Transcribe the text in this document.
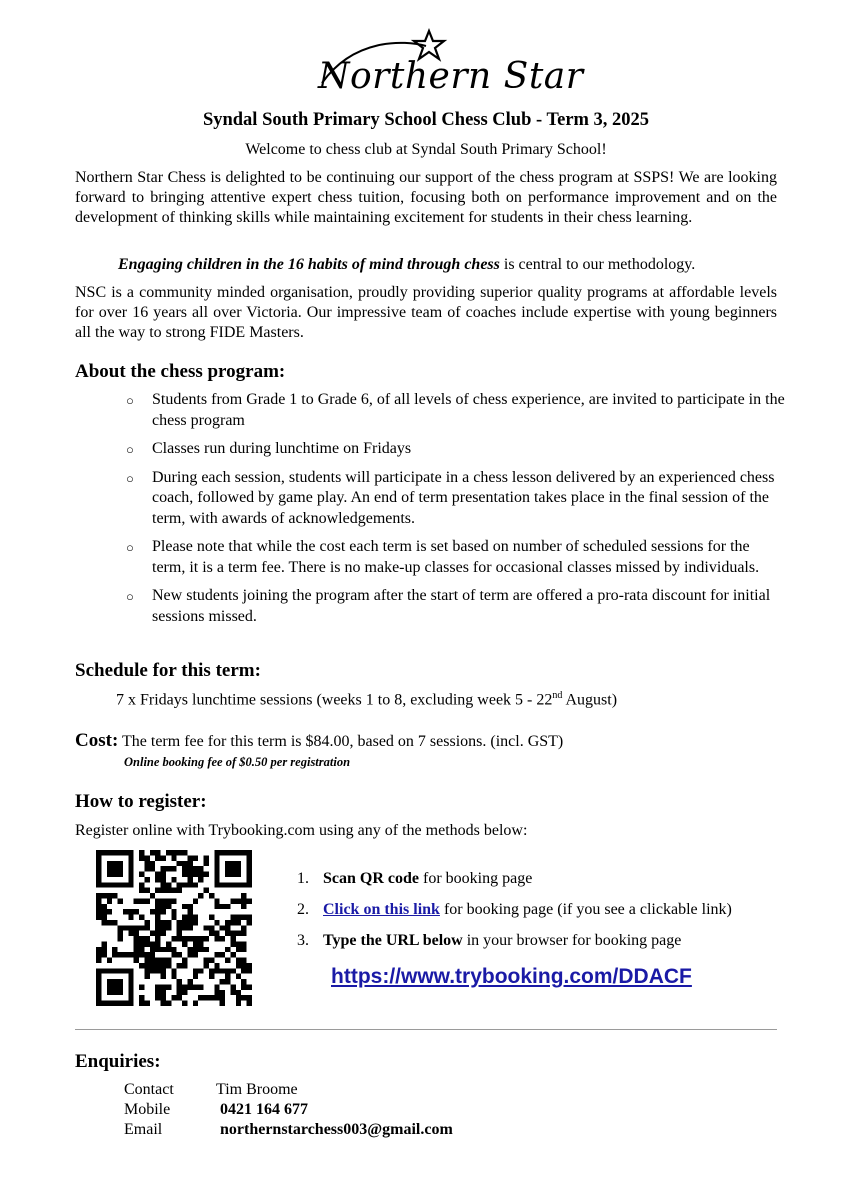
Northern Star
Syndal South Primary School Chess Club - Term 3, 2025
Welcome to chess club at Syndal South Primary School!
Northern Star Chess is delighted to be continuing our support of the chess program at SSPS! We are looking forward to bringing attentive expert chess tuition, focusing both on performance improvement and on the development of thinking skills while maintaining excitement for students in their chess learning.
Engaging children in the 16 habits of mind through chess is central to our methodology.
NSC is a community minded organisation, proudly providing superior quality programs at affordable levels for over 16 years all over Victoria. Our impressive team of coaches include expertise with young beginners all the way to strong FIDE Masters.
About the chess program:
○ Students from Grade 1 to Grade 6, of all levels of chess experience, are invited to participate in the chess program
○ Classes run during lunchtime on Fridays
○ During each session, students will participate in a chess lesson delivered by an experienced chess coach, followed by game play. An end of term presentation takes place in the final session of the term, with awards of acknowledgements.
○ Please note that while the cost each term is set based on number of scheduled sessions for the term, it is a term fee. There is no make-up classes for occasional classes missed by individuals.
○ New students joining the program after the start of term are offered a pro-rata discount for initial sessions missed.
Schedule for this term:
7 x Fridays lunchtime sessions (weeks 1 to 8, excluding week 5 - 22nd August)
Cost: The term fee for this term is $84.00, based on 7 sessions. (incl. GST)
Online booking fee of $0.50 per registration
How to register:
Register online with Trybooking.com using any of the methods below:
1. Scan QR code for booking page
2. Click on this link for booking page (if you see a clickable link)
3. Type the URL below in your browser for booking page
https://www.trybooking.com/DDACF
Enquiries:
Contact	Tim Broome
Mobile	0421 164 677
Email	northernstarchess003@gmail.com
